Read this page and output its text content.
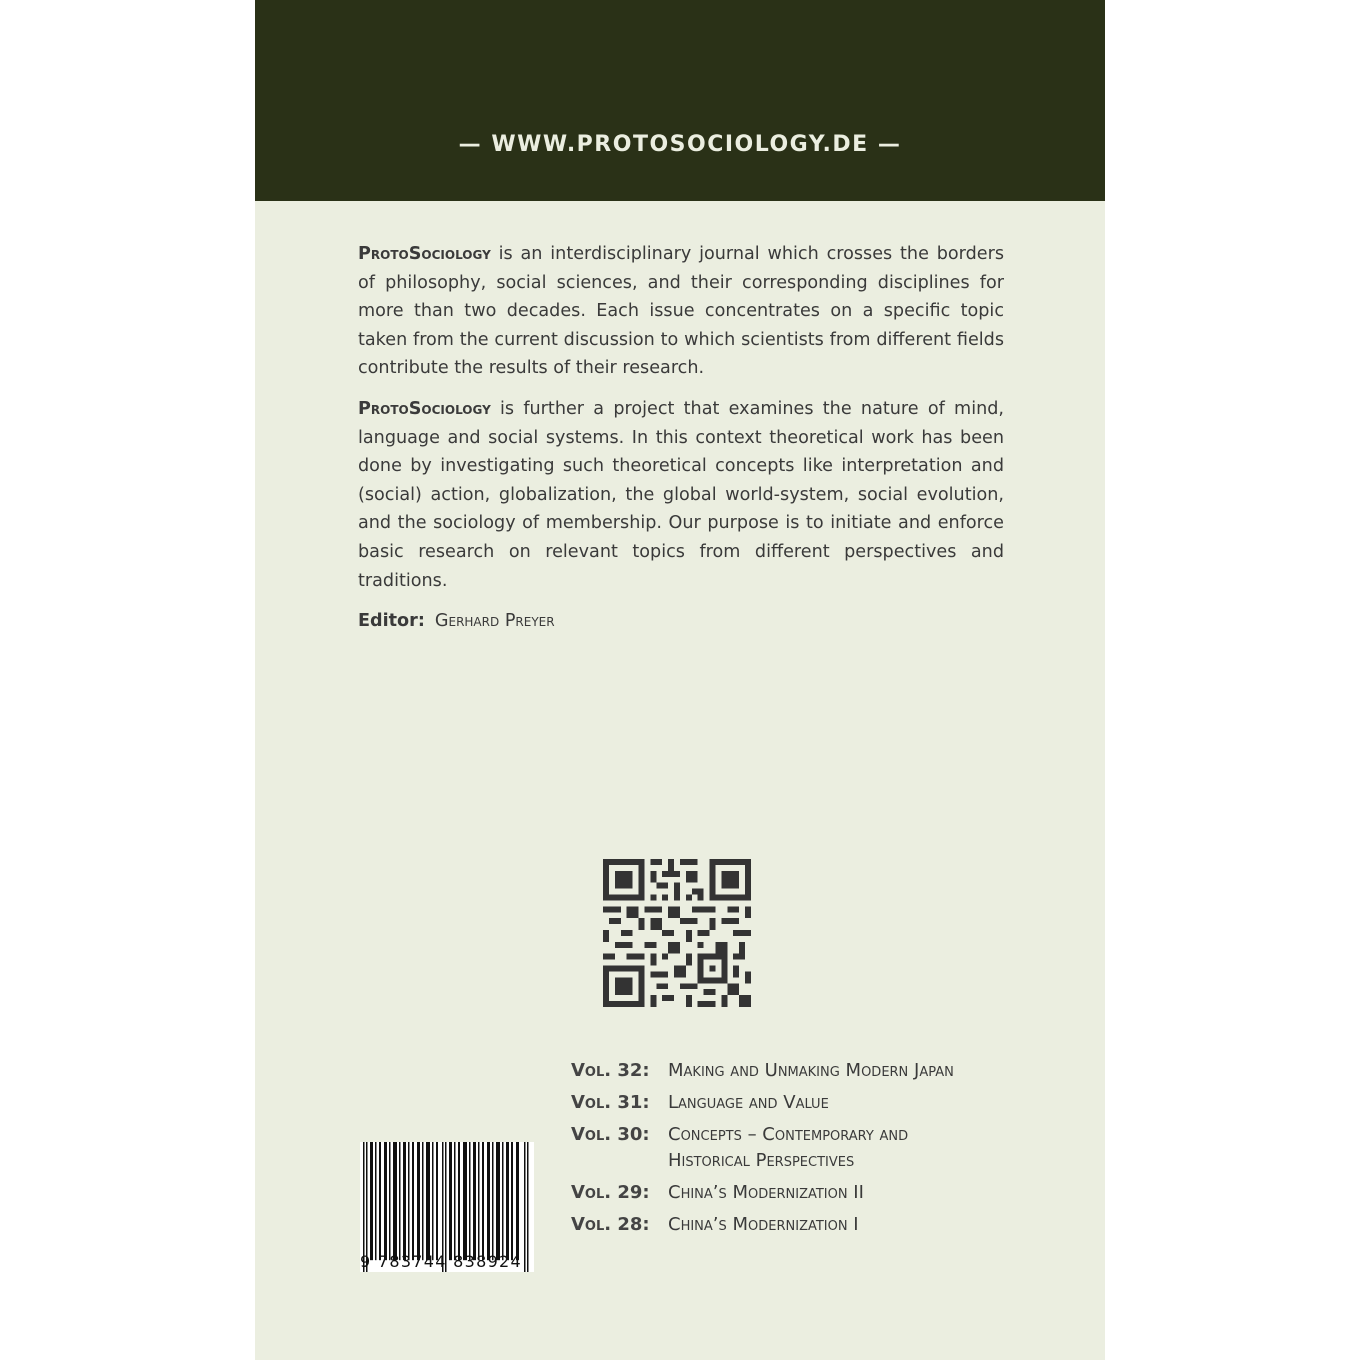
— WWW.PROTOSOCIOLOGY.DE —

ProtoSociology is an interdisciplinary journal which crosses the borders of philosophy, social sciences, and their corresponding disciplines for more than two decades. Each issue concentrates on a specific topic taken from the current discussion to which scientists from different fields contribute the results of their research.

ProtoSociology is further a project that examines the nature of mind, language and social systems. In this context theoretical work has been done by investigating such theoretical concepts like interpretation and (social) action, globalization, the global world-system, social evolution, and the sociology of membership. Our purpose is to initiate and enforce basic research on relevant topics from different perspectives and traditions.

Editor: Gerhard Preyer
9 783744 838924
Vol. 32:	Making and Unmaking Modern Japan
Vol. 31:	Language and Value
Vol. 30:	Concepts – Contemporary and Historical Perspectives
Vol. 29:	China’s Modernization II
Vol. 28:	China’s Modernization I
